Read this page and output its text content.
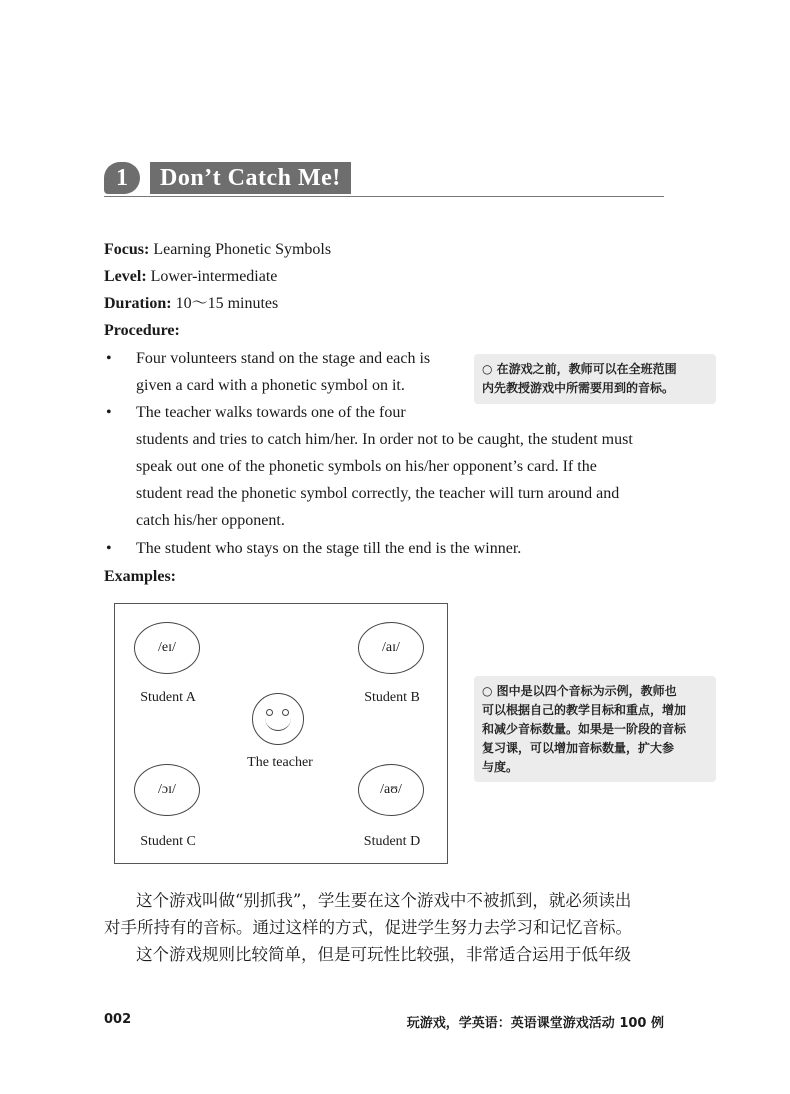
1	Don’t Catch Me!
Focus: Learning Phonetic Symbols
Level: Lower-intermediate
Duration: 10～15 minutes
Procedure:
• Four volunteers stand on the stage and each is
given a card with a phonetic symbol on it.
• The teacher walks towards one of the four
students and tries to catch him/her. In order not to be caught, the student must
speak out one of the phonetic symbols on his/her opponent’s card. If the
student read the phonetic symbol correctly, the teacher will turn around and
catch his/her opponent.
• The student who stays on the stage till the end is the winner.
Examples:
○ 在游戏之前，教师可以在全班范围
内先教授游戏中所需要用到的音标。
○ 图中是以四个音标为示例，教师也
可以根据自己的教学目标和重点，增加
和减少音标数量。如果是一阶段的音标
复习课，可以增加音标数量，扩大参
与度。
/eɪ/
Student A
/aɪ/
Student B
The teacher
/ɔɪ/
Student C
/aʊ/
Student D
这个游戏叫做“别抓我”，学生要在这个游戏中不被抓到，就必须读出
对手所持有的音标。通过这样的方式，促进学生努力去学习和记忆音标。
这个游戏规则比较简单，但是可玩性比较强，非常适合运用于低年级
002	玩游戏，学英语：英语课堂游戏活动 100 例
